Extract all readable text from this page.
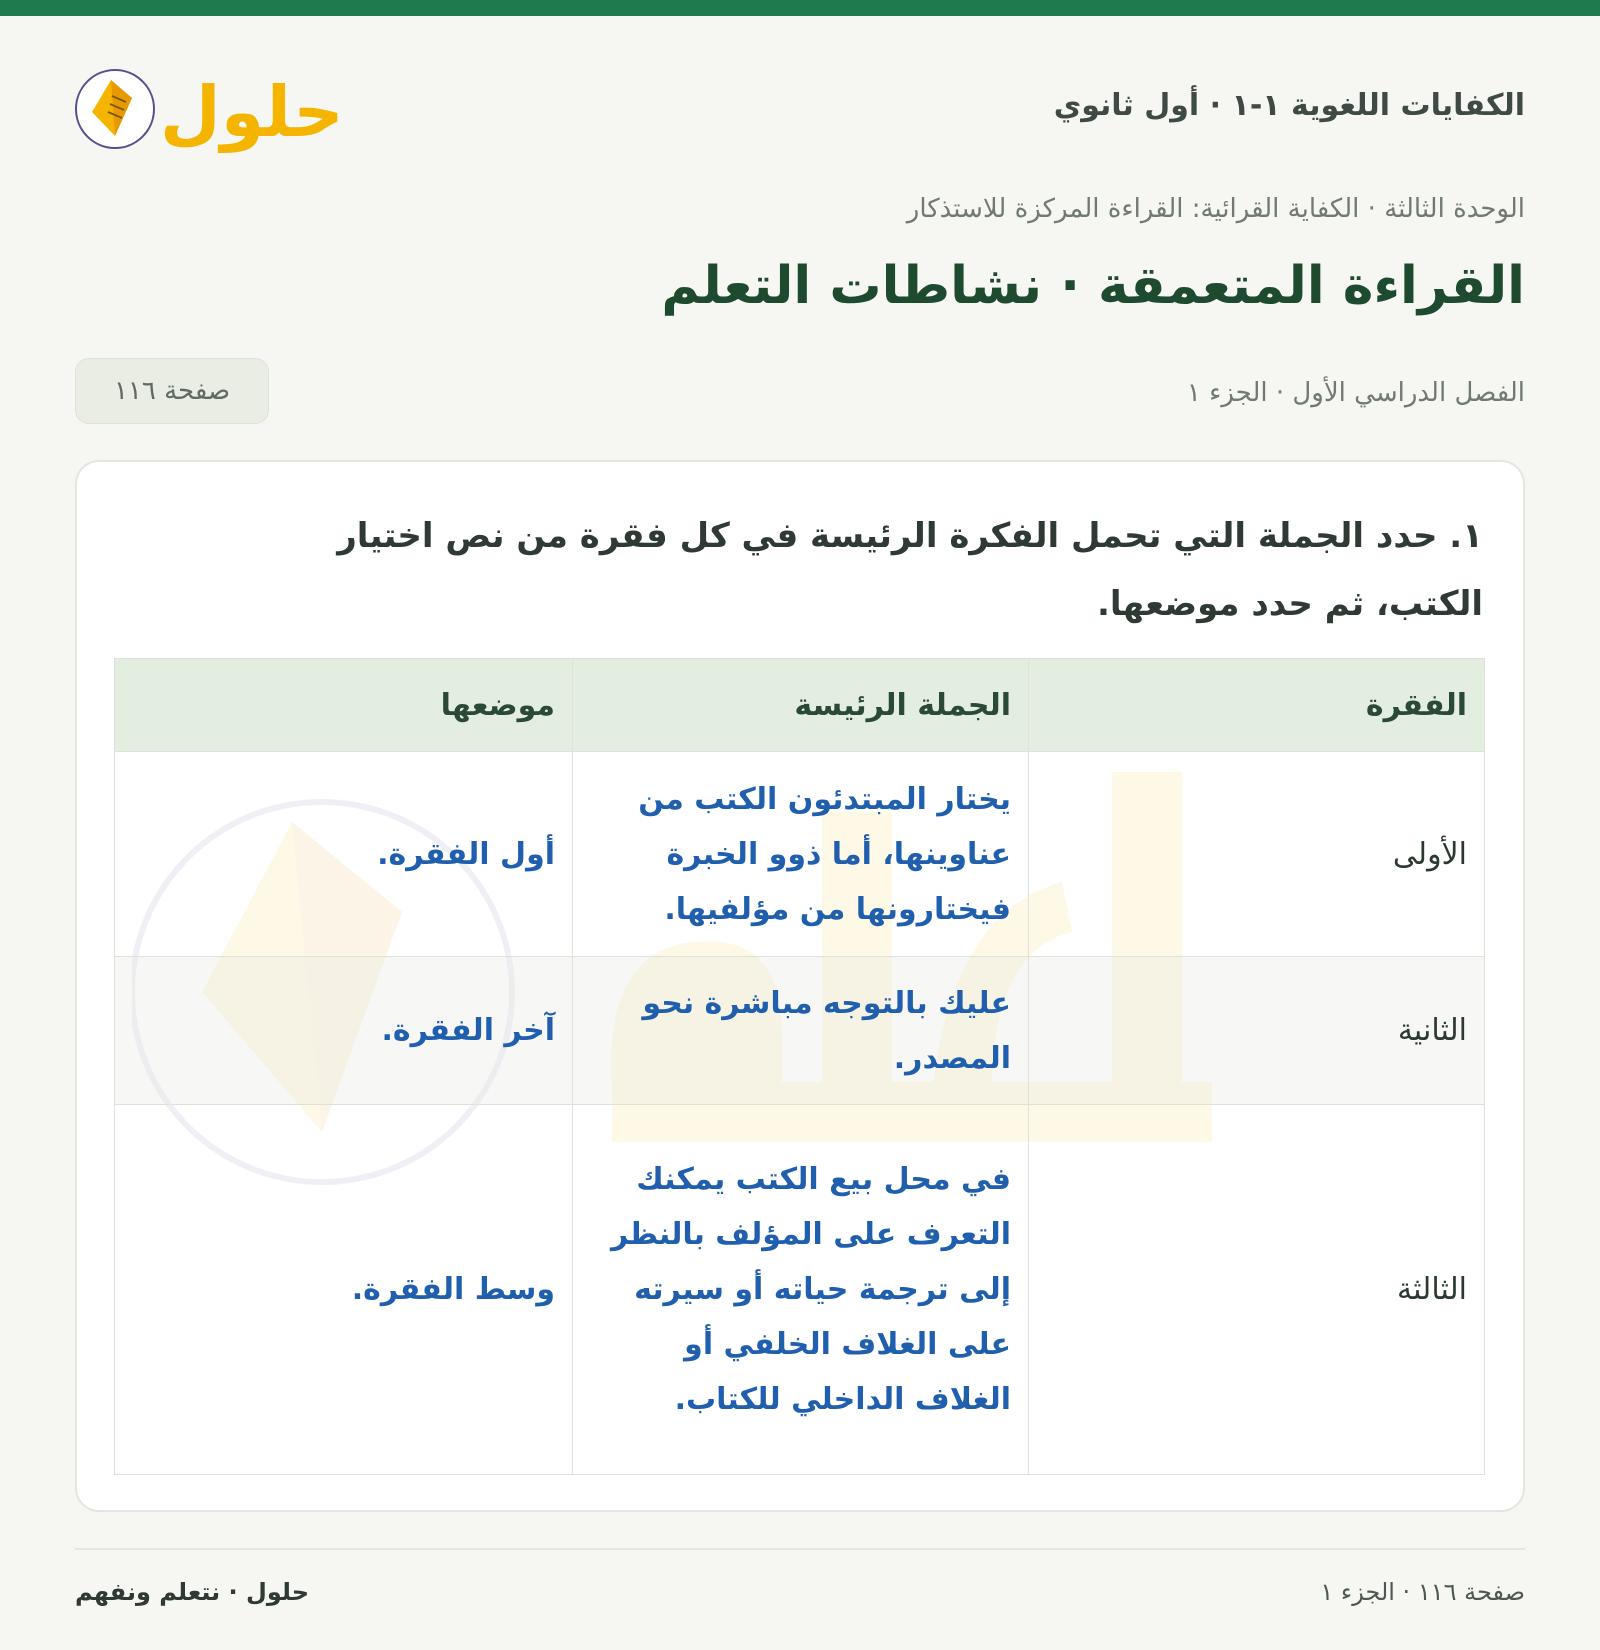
الكفايات اللغوية ١-١ · أول ثانوي
حلول
الوحدة الثالثة · الكفاية القرائية: القراءة المركزة للاستذكار
القراءة المتعمقة · نشاطات التعلم
الفصل الدراسي الأول · الجزء ١
صفحة ١١٦
١. حدد الجملة التي تحمل الفكرة الرئيسة في كل فقرة من نص اختيار الكتب، ثم حدد موضعها.
الفقرة	الجملة الرئيسة	موضعها
الأولى	يختار المبتدئون الكتب من عناوينها، أما ذوو الخبرة فيختارونها من مؤلفيها.	أول الفقرة.
الثانية	عليك بالتوجه مباشرة نحو المصدر.	آخر الفقرة.
الثالثة	في محل بيع الكتب يمكنك التعرف على المؤلف بالنظر إلى ترجمة حياته أو سيرته على الغلاف الخلفي أو الغلاف الداخلي للكتاب.	وسط الفقرة.
صفحة ١١٦ · الجزء ١
حلول · نتعلم ونفهم
